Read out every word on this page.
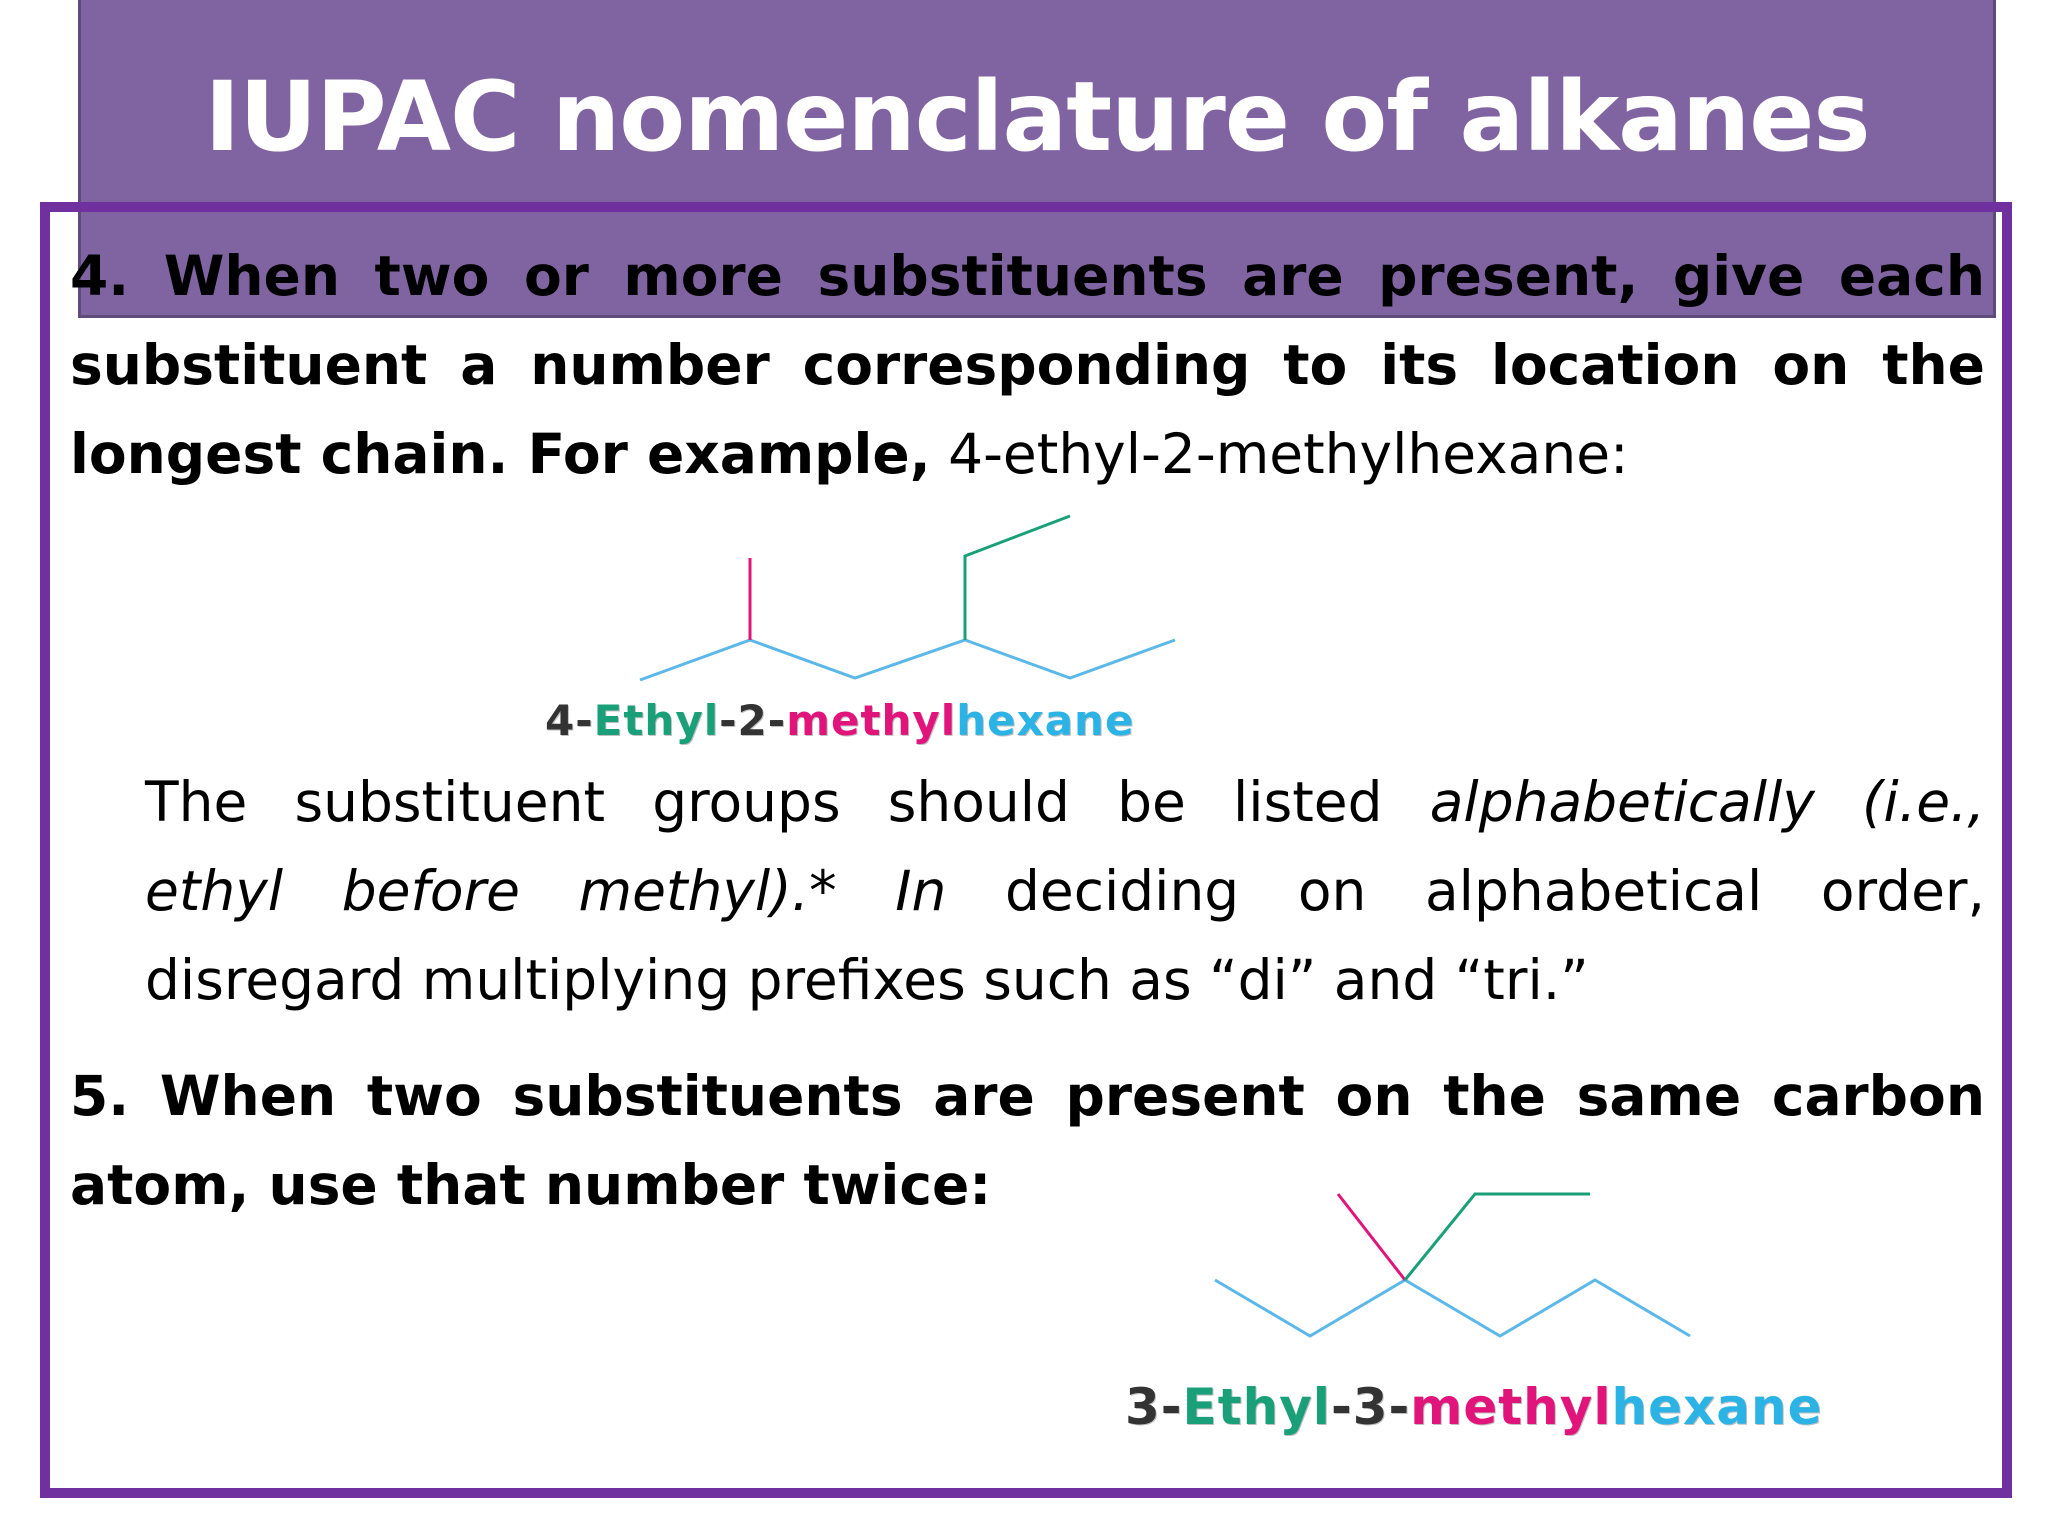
IUPAC nomenclature of alkanes
4. When two or more substituents are present, give each
substituent a number corresponding to its location on the
longest chain. For example, 4-ethyl-2-methylhexane:
4-Ethyl-2-methylhexane
The substituent groups should be listed alphabetically (i.e.,
ethyl before methyl).* In deciding on alphabetical order,
disregard multiplying prefixes such as “di” and “tri.”
5. When two substituents are present on the same carbon
atom, use that number twice:
3-Ethyl-3-methylhexane
